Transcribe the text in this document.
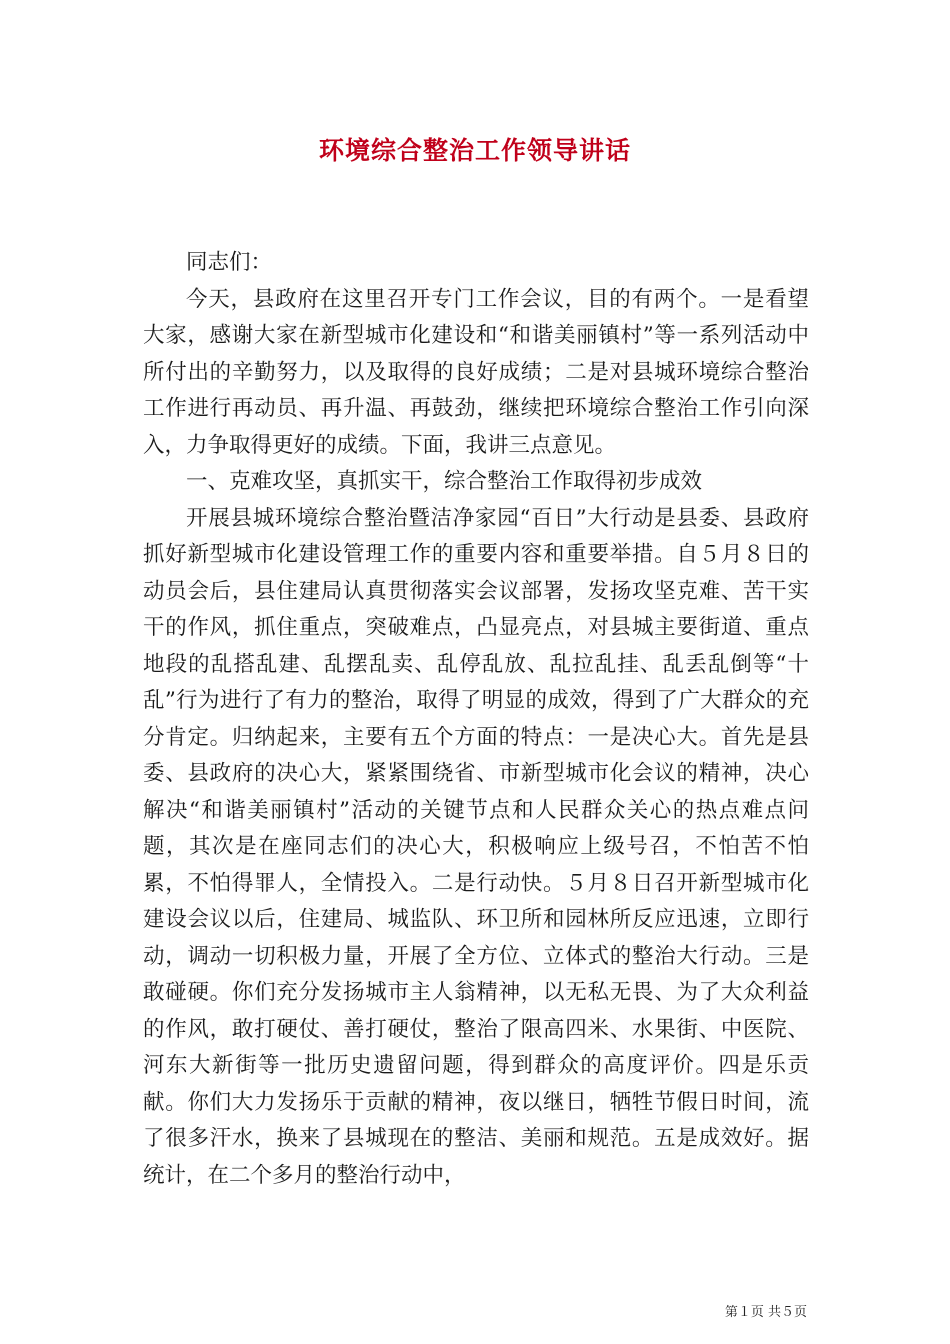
环境综合整治工作领导讲话

同志们：

今天，县政府在这里召开专门工作会议，目的有两个。一是看望大家，感谢大家在新型城市化建设和“和谐美丽镇村”等一系列活动中所付出的辛勤努力，以及取得的良好成绩；二是对县城环境综合整治工作进行再动员、再升温、再鼓劲，继续把环境综合整治工作引向深入，力争取得更好的成绩。下面，我讲三点意见。

一、克难攻坚，真抓实干，综合整治工作取得初步成效

开展县城环境综合整治暨洁净家园“百日”大行动是县委、县政府抓好新型城市化建设管理工作的重要内容和重要举措。自５月８日的动员会后，县住建局认真贯彻落实会议部署，发扬攻坚克难、苦干实干的作风，抓住重点，突破难点，凸显亮点，对县城主要街道、重点地段的乱搭乱建、乱摆乱卖、乱停乱放、乱拉乱挂、乱丢乱倒等“十乱”行为进行了有力的整治，取得了明显的成效，得到了广大群众的充分肯定。归纳起来，主要有五个方面的特点：一是决心大。首先是县委、县政府的决心大，紧紧围绕省、市新型城市化会议的精神，决心解决“和谐美丽镇村”活动的关键节点和人民群众关心的热点难点问题，其次是在座同志们的决心大，积极响应上级号召，不怕苦不怕累，不怕得罪人，全情投入。二是行动快。５月８日召开新型城市化建设会议以后，住建局、城监队、环卫所和园林所反应迅速，立即行动，调动一切积极力量，开展了全方位、立体式的整治大行动。三是敢碰硬。你们充分发扬城市主人翁精神，以无私无畏、为了大众利益的作风，敢打硬仗、善打硬仗，整治了限高四米、水果街、中医院、河东大新街等一批历史遗留问题，得到群众的高度评价。四是乐贡献。你们大力发扬乐于贡献的精神，夜以继日，牺牲节假日时间，流了很多汗水，换来了县城现在的整洁、美丽和规范。五是成效好。据统计，在二个多月的整治行动中，

第１页 共５页
